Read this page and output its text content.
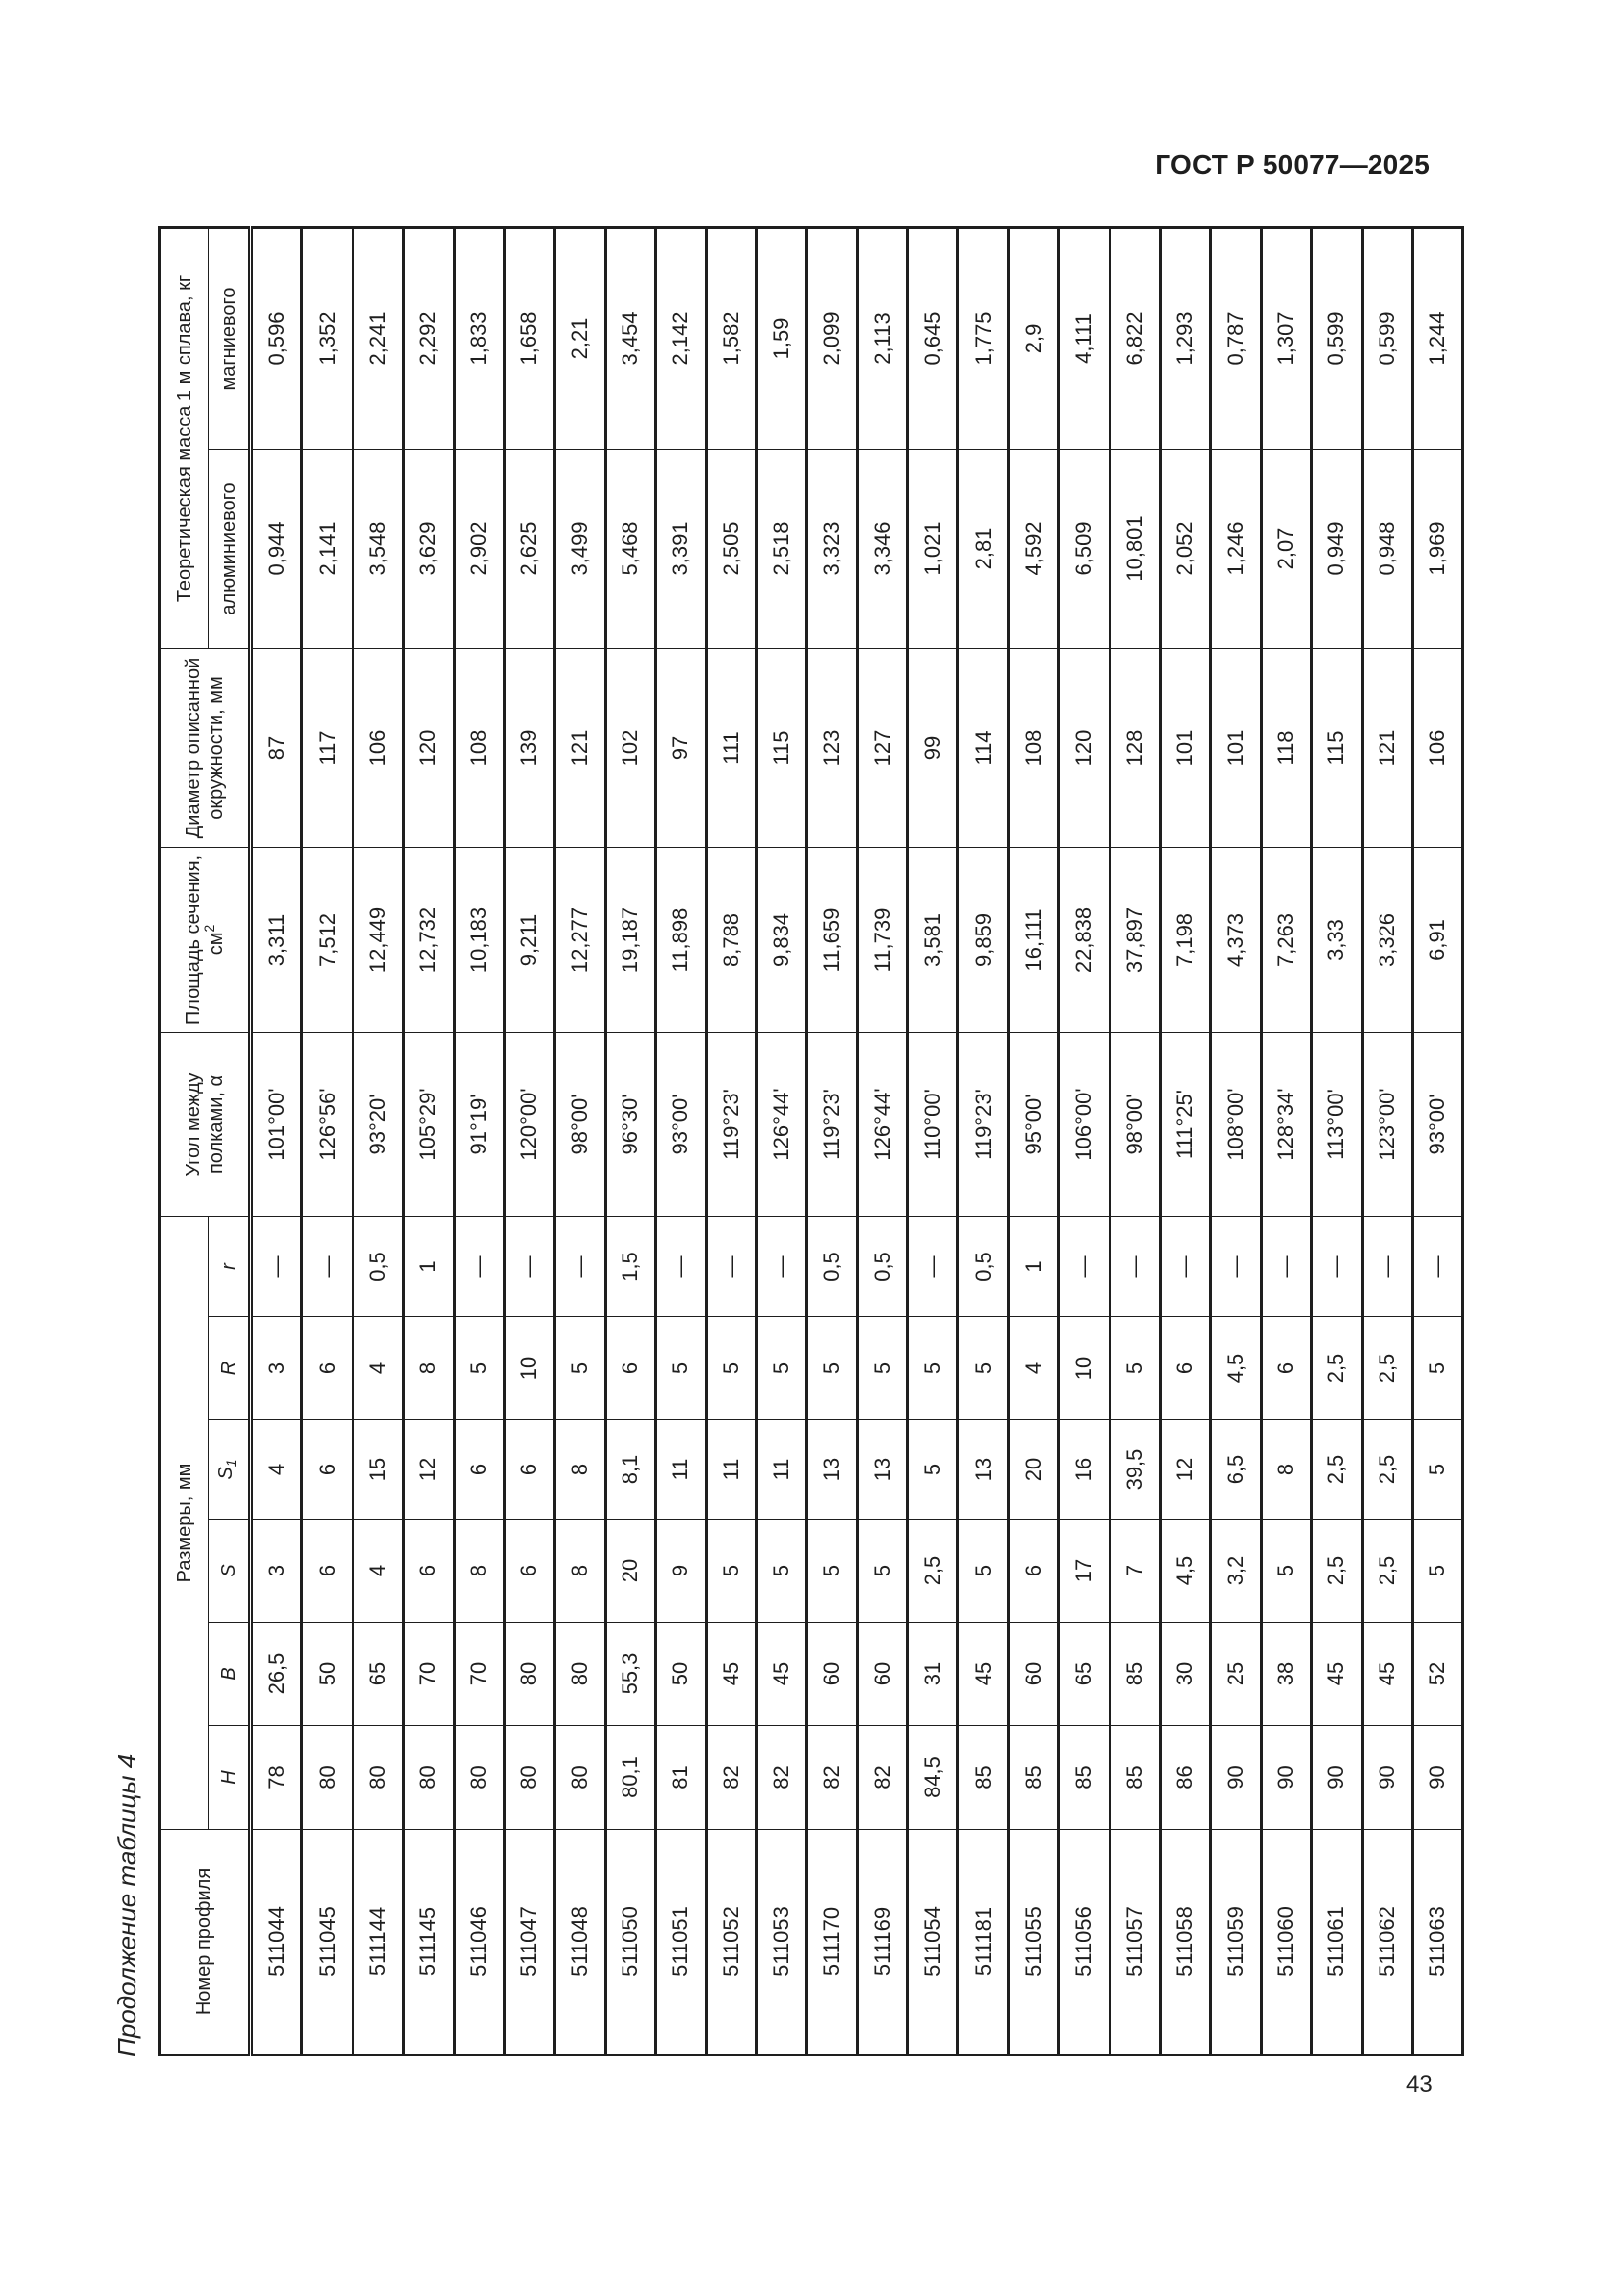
ГОСТ Р 50077—2025
Продолжение таблицы 4	Номер профиля	Размеры, мм						Угол между полками, α	Площадь сечения, $см^2$	Диаметр описанной окружности, мм	Теоретическая масса 1 м сплава, кг	
	H	B	S	$S_1$	R	r				алюминиевого	магниевого
511044	78	26,5	3	4	3	—	101°00'	3,311	87	0,944	0,596
511045	80	50	6	6	6	—	126°56'	7,512	117	2,141	1,352
511144	80	65	4	15	4	0,5	93°20'	12,449	106	3,548	2,241
511145	80	70	6	12	8	1	105°29'	12,732	120	3,629	2,292
511046	80	70	8	6	5	—	91°19'	10,183	108	2,902	1,833
511047	80	80	6	6	10	—	120°00'	9,211	139	2,625	1,658
511048	80	80	8	8	5	—	98°00'	12,277	121	3,499	2,21
511050	80,1	55,3	20	8,1	6	1,5	96°30'	19,187	102	5,468	3,454
511051	81	50	9	11	5	—	93°00'	11,898	97	3,391	2,142
511052	82	45	5	11	5	—	119°23'	8,788	111	2,505	1,582
511053	82	45	5	11	5	—	126°44'	9,834	115	2,518	1,59
511170	82	60	5	13	5	0,5	119°23'	11,659	123	3,323	2,099
511169	82	60	5	13	5	0,5	126°44'	11,739	127	3,346	2,113
511054	84,5	31	2,5	5	5	—	110°00'	3,581	99	1,021	0,645
511181	85	45	5	13	5	0,5	119°23'	9,859	114	2,81	1,775
511055	85	60	6	20	4	1	95°00'	16,111	108	4,592	2,9
511056	85	65	17	16	10	—	106°00'	22,838	120	6,509	4,111
511057	85	85	7	39,5	5	—	98°00'	37,897	128	10,801	6,822
511058	86	30	4,5	12	6	—	111°25'	7,198	101	2,052	1,293
511059	90	25	3,2	6,5	4,5	—	108°00'	4,373	101	1,246	0,787
511060	90	38	5	8	6	—	128°34'	7,263	118	2,07	1,307
511061	90	45	2,5	2,5	2,5	—	113°00'	3,33	115	0,949	0,599
511062	90	45	2,5	2,5	2,5	—	123°00'	3,326	121	0,948	0,599
511063	90	52	5	5	5	—	93°00'	6,91	106	1,969	1,244
43
